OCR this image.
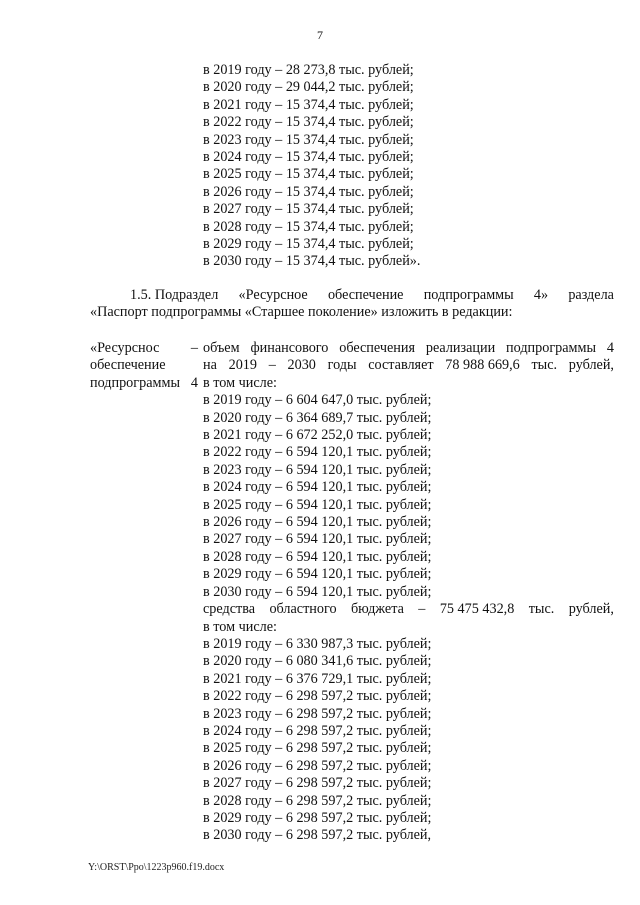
7
в 2019 году – 28 273,8 тыс. рублей;
в 2020 году – 29 044,2 тыс. рублей;
в 2021 году – 15 374,4 тыс. рублей;
в 2022 году – 15 374,4 тыс. рублей;
в 2023 году – 15 374,4 тыс. рублей;
в 2024 году – 15 374,4 тыс. рублей;
в 2025 году – 15 374,4 тыс. рублей;
в 2026 году – 15 374,4 тыс. рублей;
в 2027 году – 15 374,4 тыс. рублей;
в 2028 году – 15 374,4 тыс. рублей;
в 2029 году – 15 374,4 тыс. рублей;
в 2030 году – 15 374,4 тыс. рублей».
1.5. Подраздел «Ресурсное обеспечение подпрограммы 4» раздела
«Паспорт подпрограммы «Старшее поколение» изложить в редакции:
«Ресурснос –
обеспечение
подпрограммы 4
объем финансового обеспечения реализации подпрограммы 4
на 2019 – 2030 годы составляет 78 988 669,6 тыс. рублей,
в том числе:
в 2019 году – 6 604 647,0 тыс. рублей;
в 2020 году – 6 364 689,7 тыс. рублей;
в 2021 году – 6 672 252,0 тыс. рублей;
в 2022 году – 6 594 120,1 тыс. рублей;
в 2023 году – 6 594 120,1 тыс. рублей;
в 2024 году – 6 594 120,1 тыс. рублей;
в 2025 году – 6 594 120,1 тыс. рублей;
в 2026 году – 6 594 120,1 тыс. рублей;
в 2027 году – 6 594 120,1 тыс. рублей;
в 2028 году – 6 594 120,1 тыс. рублей;
в 2029 году – 6 594 120,1 тыс. рублей;
в 2030 году – 6 594 120,1 тыс. рублей;
средства областного бюджета – 75 475 432,8 тыс. рублей,
в том числе:
в 2019 году – 6 330 987,3 тыс. рублей;
в 2020 году – 6 080 341,6 тыс. рублей;
в 2021 году – 6 376 729,1 тыс. рублей;
в 2022 году – 6 298 597,2 тыс. рублей;
в 2023 году – 6 298 597,2 тыс. рублей;
в 2024 году – 6 298 597,2 тыс. рублей;
в 2025 году – 6 298 597,2 тыс. рублей;
в 2026 году – 6 298 597,2 тыс. рублей;
в 2027 году – 6 298 597,2 тыс. рублей;
в 2028 году – 6 298 597,2 тыс. рублей;
в 2029 году – 6 298 597,2 тыс. рублей;
в 2030 году – 6 298 597,2 тыс. рублей,
Y:\ORST\Ppo\1223p960.f19.docx
